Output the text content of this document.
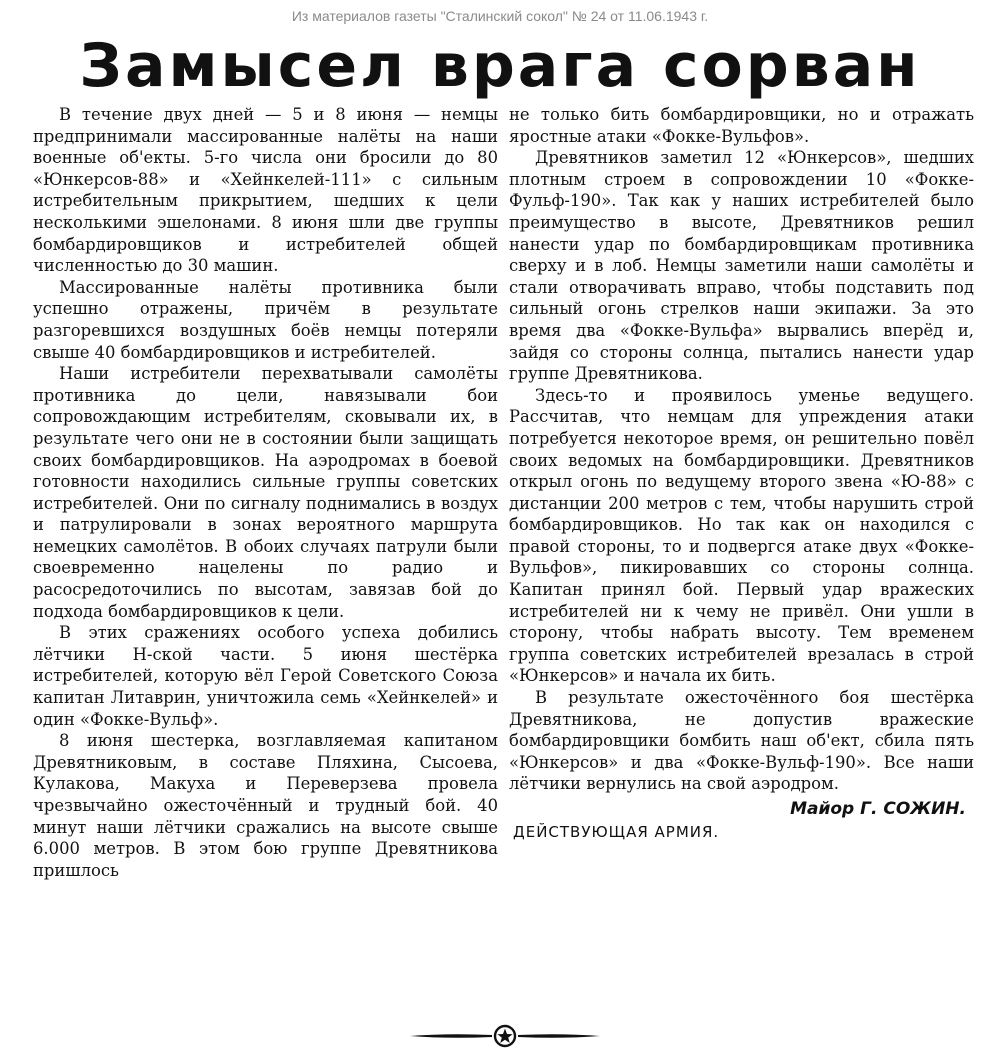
Из материалов газеты "Сталинский сокол" № 24 от 11.06.1943 г.
Замысел врага сорван

В течение двух дней — 5 и 8 июня — немцы предпринимали массированные налёты на наши военные об'екты. 5-го числа они бросили до 80 «Юнкерсов-88» и «Хейнкелей-111» с сильным истребительным прикрытием, шедших к цели несколькими эшелонами. 8 июня шли две группы бомбардировщиков и истребителей общей численностью до 30 машин.

Массированные налёты противника были успешно отражены, причём в результате разгоревшихся воздушных боёв немцы потеряли свыше 40 бомбардировщиков и истребителей.

Наши истребители перехватывали самолёты противника до цели, навязывали бои сопровождающим истребителям, сковывали их, в результате чего они не в состоянии были защищать своих бомбардировщиков. На аэродромах в боевой готовности находились сильные группы советских истребителей. Они по сигналу поднимались в воздух и патрулировали в зонах вероятного маршрута немецких самолётов. В обоих случаях патрули были своевременно нацелены по радио и расосредоточились по высотам, завязав бой до подхода бомбардировщиков к цели.

В этих сражениях особого успеха добились лётчики Н-ской части. 5 июня шестёрка истребителей, которую вёл Герой Советского Союза капитан Литаврин, уничтожила семь «Хейнкелей» и один «Фокке-Вульф».

8 июня шестерка, возглавляемая капитаном Древятниковым, в составе Пляхина, Сысоева, Кулакова, Макуха и Переверзева провела чрезвычайно ожесточённый и трудный бой. 40 минут наши лётчики сражались на высоте свыше 6.000 метров. В этом бою группе Древятникова пришлось

не только бить бомбардировщики, но и отражать яростные атаки «Фокке-Вульфов».

Древятников заметил 12 «Юнкерсов», шедших плотным строем в сопровождении 10 «Фокке-Фульф-190». Так как у наших истребителей было преимущество в высоте, Древятников решил нанести удар по бомбардировщикам противника сверху и в лоб. Немцы заметили наши самолёты и стали отворачивать вправо, чтобы подставить под сильный огонь стрелков наши экипажи. За это время два «Фокке-Вульфа» вырвались вперёд и, зайдя со стороны солнца, пытались нанести удар группе Древятникова.

Здесь-то и проявилось уменье ведущего. Рассчитав, что немцам для упреждения атаки потребуется некоторое время, он решительно повёл своих ведомых на бомбардировщики. Древятников открыл огонь по ведущему второго звена «Ю-88» с дистанции 200 метров с тем, чтобы нарушить строй бомбардировщиков. Но так как он находился с правой стороны, то и подвергся атаке двух «Фокке-Вульфов», пикировавших со стороны солнца. Капитан принял бой. Первый удар вражеских истребителей ни к чему не привёл. Они ушли в сторону, чтобы набрать высоту. Тем временем группа советских истребителей врезалась в строй «Юнкерсов» и начала их бить.

В результате ожесточённого боя шестёрка Древятникова, не допустив вражеские бомбардировщики бомбить наш об'ект, сбила пять «Юнкерсов» и два «Фокке-Вульф-190». Все наши лётчики вернулись на свой аэродром.

Майор Г. СОЖИН.
ДЕЙСТВУЮЩАЯ АРМИЯ.
